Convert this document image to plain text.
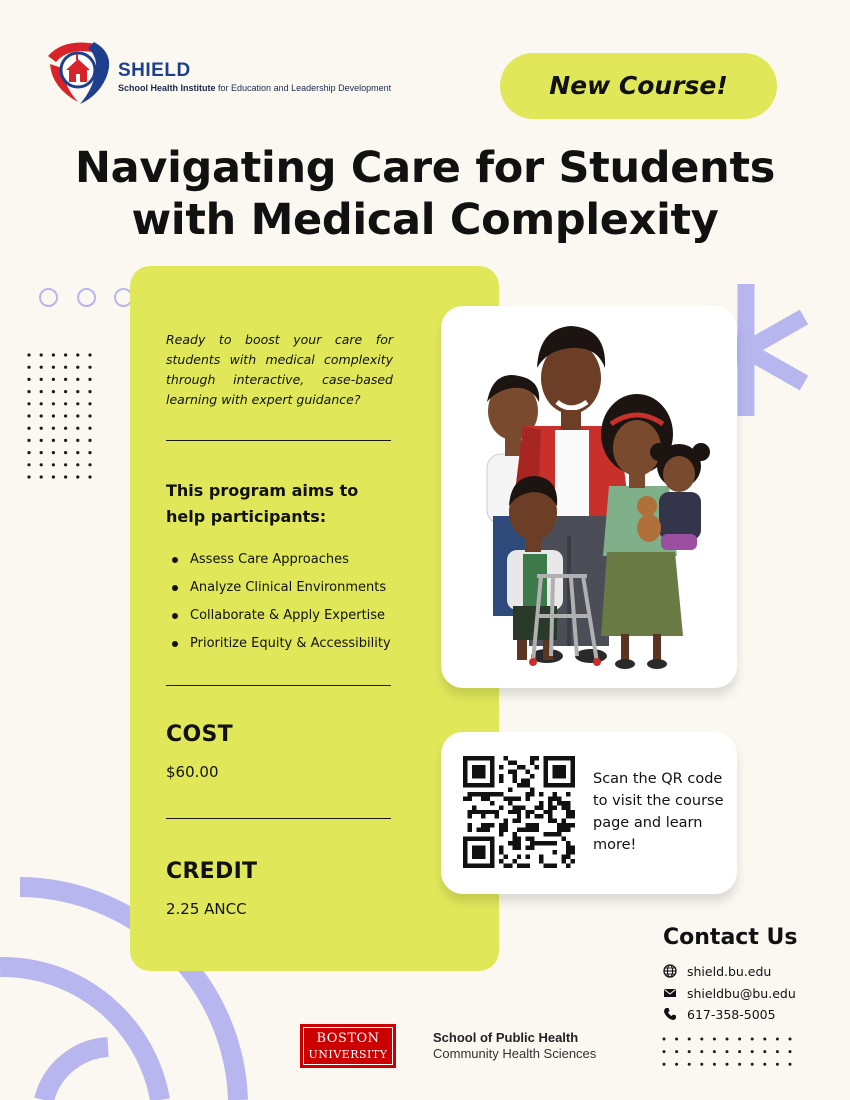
SHIELD
School Health Institute for Education and Leadership Development	New Course!
Navigating Care for Students
with Medical Complexity
Ready to boost your care for students with medical complexity through interactive, case-based learning with expert guidance?
This program aims to
help participants:
Assess Care Approaches
Analyze Clinical Environments
Collaborate & Apply Expertise
Prioritize Equity & Accessibility
COST
$60.00
CREDIT
2.25 ANCC
Scan the QR code to visit the course page and learn more!
Contact Us
shield.bu.edu
shieldbu@bu.edu
617-358-5005
BOSTON
UNIVERSITY
School of Public Health
Community Health Sciences
